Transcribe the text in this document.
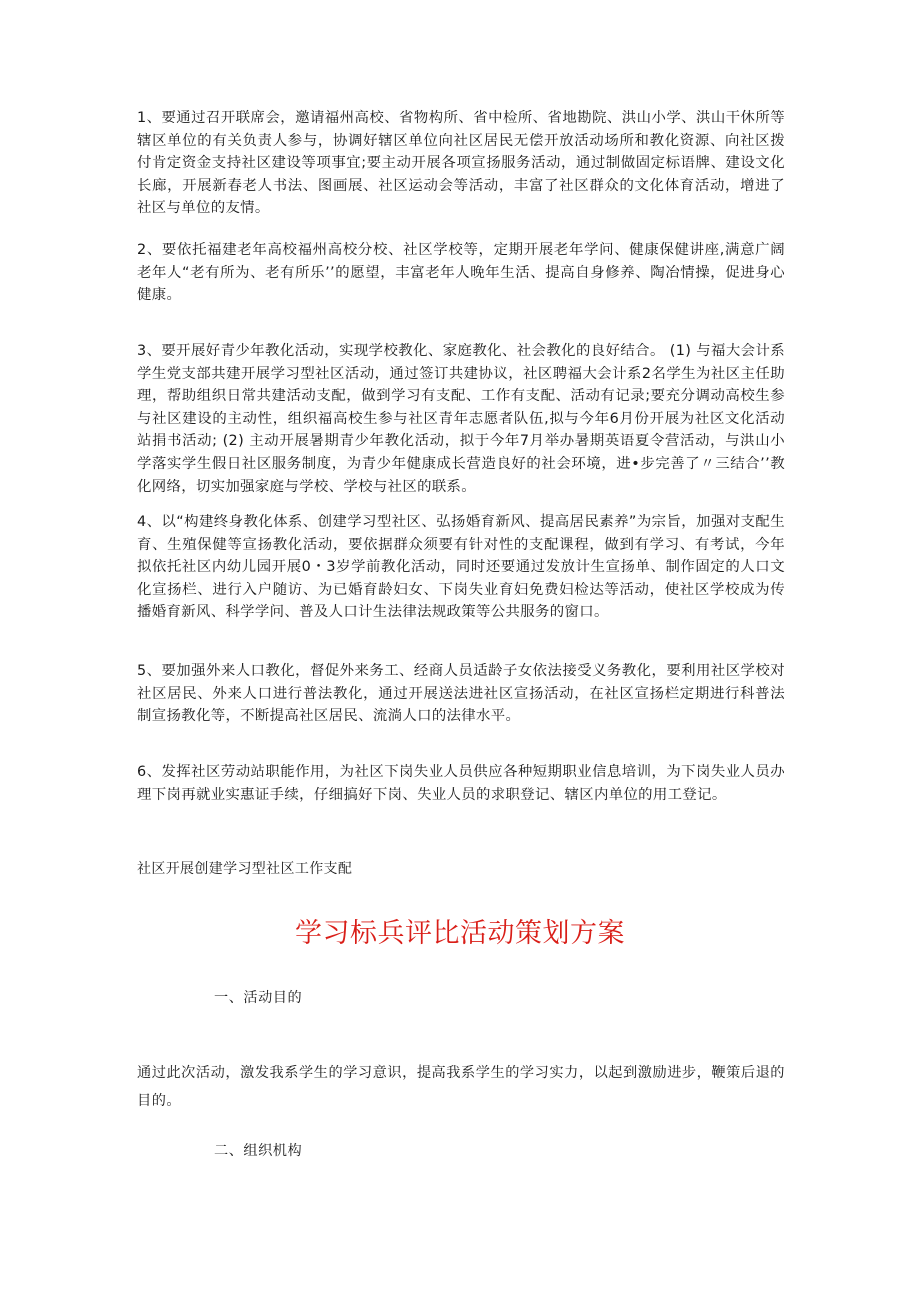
1、要通过召开联席会，邀请福州高校、省物构所、省中检所、省地勘院、洪山小学、洪山干休所等辖区单位的有关负责人参与，协调好辖区单位向社区居民无偿开放活动场所和教化资源、向社区拨付肯定资金支持社区建设等项事宜;要主动开展各项宣扬服务活动，通过制做固定标语牌、建设文化长廊，开展新春老人书法、图画展、社区运动会等活动，丰富了社区群众的文化体育活动，增进了社区与单位的友情。

2、要依托福建老年高校福州高校分校、社区学校等，定期开展老年学问、健康保健讲座,满意广阔老年人“老有所为、老有所乐’’的愿望，丰富老年人晚年生活、提高自身修养、陶冶情操，促进身心健康。

3、要开展好青少年教化活动，实现学校教化、家庭教化、社会教化的良好结合。 (1) 与福大会计系学生党支部共建开展学习型社区活动，通过签订共建协议，社区聘福大会计系2名学生为社区主任助理，帮助组织日常共建活动支配，做到学习有支配、工作有支配、活动有记录;要充分调动高校生参与社区建设的主动性，组织福高校生参与社区青年志愿者队伍,拟与今年6月份开展为社区文化活动站捐书活动; (2) 主动开展暑期青少年教化活动，拟于今年7月举办暑期英语夏令营活动，与洪山小学落实学生假日社区服务制度，为青少年健康成长营造良好的社会环境，进•步完善了〃三结合’’教化网络，切实加强家庭与学校、学校与社区的联系。

4、以“构建终身教化体系、创建学习型社区、弘扬婚育新风、提高居民素养”为宗旨，加强对支配生育、生殖保健等宣扬教化活动，要依据群众须要有针对性的支配课程，做到有学习、有考试，今年拟依托社区内幼儿园开展0・3岁学前教化活动，同时还要通过发放计生宣扬单、制作固定的人口文化宣扬栏、进行入户随访、为已婚育龄妇女、下岗失业育妇免费妇检达等活动，使社区学校成为传播婚育新风、科学学问、普及人口计生法律法规政策等公共服务的窗口。

5、要加强外来人口教化，督促外来务工、经商人员适龄子女依法接受义务教化，要利用社区学校对社区居民、外来人口进行普法教化，通过开展送法进社区宣扬活动，在社区宣扬栏定期进行科普法制宣扬教化等，不断提高社区居民、流淌人口的法律水平。

6、发挥社区劳动站职能作用，为社区下岗失业人员供应各种短期职业信息培训，为下岗失业人员办理下岗再就业实惠证手续，仔细搞好下岗、失业人员的求职登记、辖区内单位的用工登记。

社区开展创建学习型社区工作支配

学习标兵评比活动策划方案

一、活动目的

通过此次活动，激发我系学生的学习意识，提高我系学生的学习实力，以起到激励进步，鞭策后退的目的。

二、组织机构
